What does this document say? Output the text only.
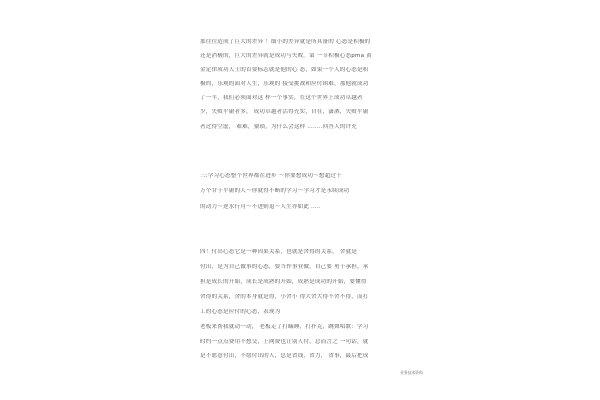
那往往造成了巨大的差异 ！细小的差异就是所具备的 心态是积极的
还是消极的，巨大的差异就是成功与失败。第 一节积极心态pma 黄
金定律成功人士的首要标志就是他的心 态，如果一个人的心态是积
极的，乐观的面对人生，乐观的 接受挑战和应付困难，那他就成功
了一半，我们必须面对这 样一个事实，在这个世界上成功卓越者
少，失败平庸者多， 成功卓越者活得充实，自在，潇洒，失败平庸
者过得空虚， 艰难，猥琐，为什么会这样 ……..回答人的许充
三:学习心态整个世界都在进步 〜你要想成功〜想超过千
万个甘于平庸的人〜你就得不断的学习〜学习才是永续成功
的动力〜逆水行舟〜不进则退〜人生亦如此 .....
四！付出心态它是一种因果关系，也就是舍得的关系， 舍就是
付出，是为自己做事的心态，要当作事业做，自己要 勇于承担，承
担是成长的开始，成长是成熟的开始，成熟是成功的开始，要懂得
舍得的关系，舍的本身就是得，小舍小 得大舍大得不舍不得，而打
工的心态是应付的心态，表现为
老板来帮我就动一动， 老板走了打瞌睡，打扑克，跳舞唱歌：学习
时约一点点费用不想交，上网费也让别人付，总而言之 一句话，就
是不愿意付出，不愿付出的人，总是省钱，省力， 省事，最后把成
业务技术资料
